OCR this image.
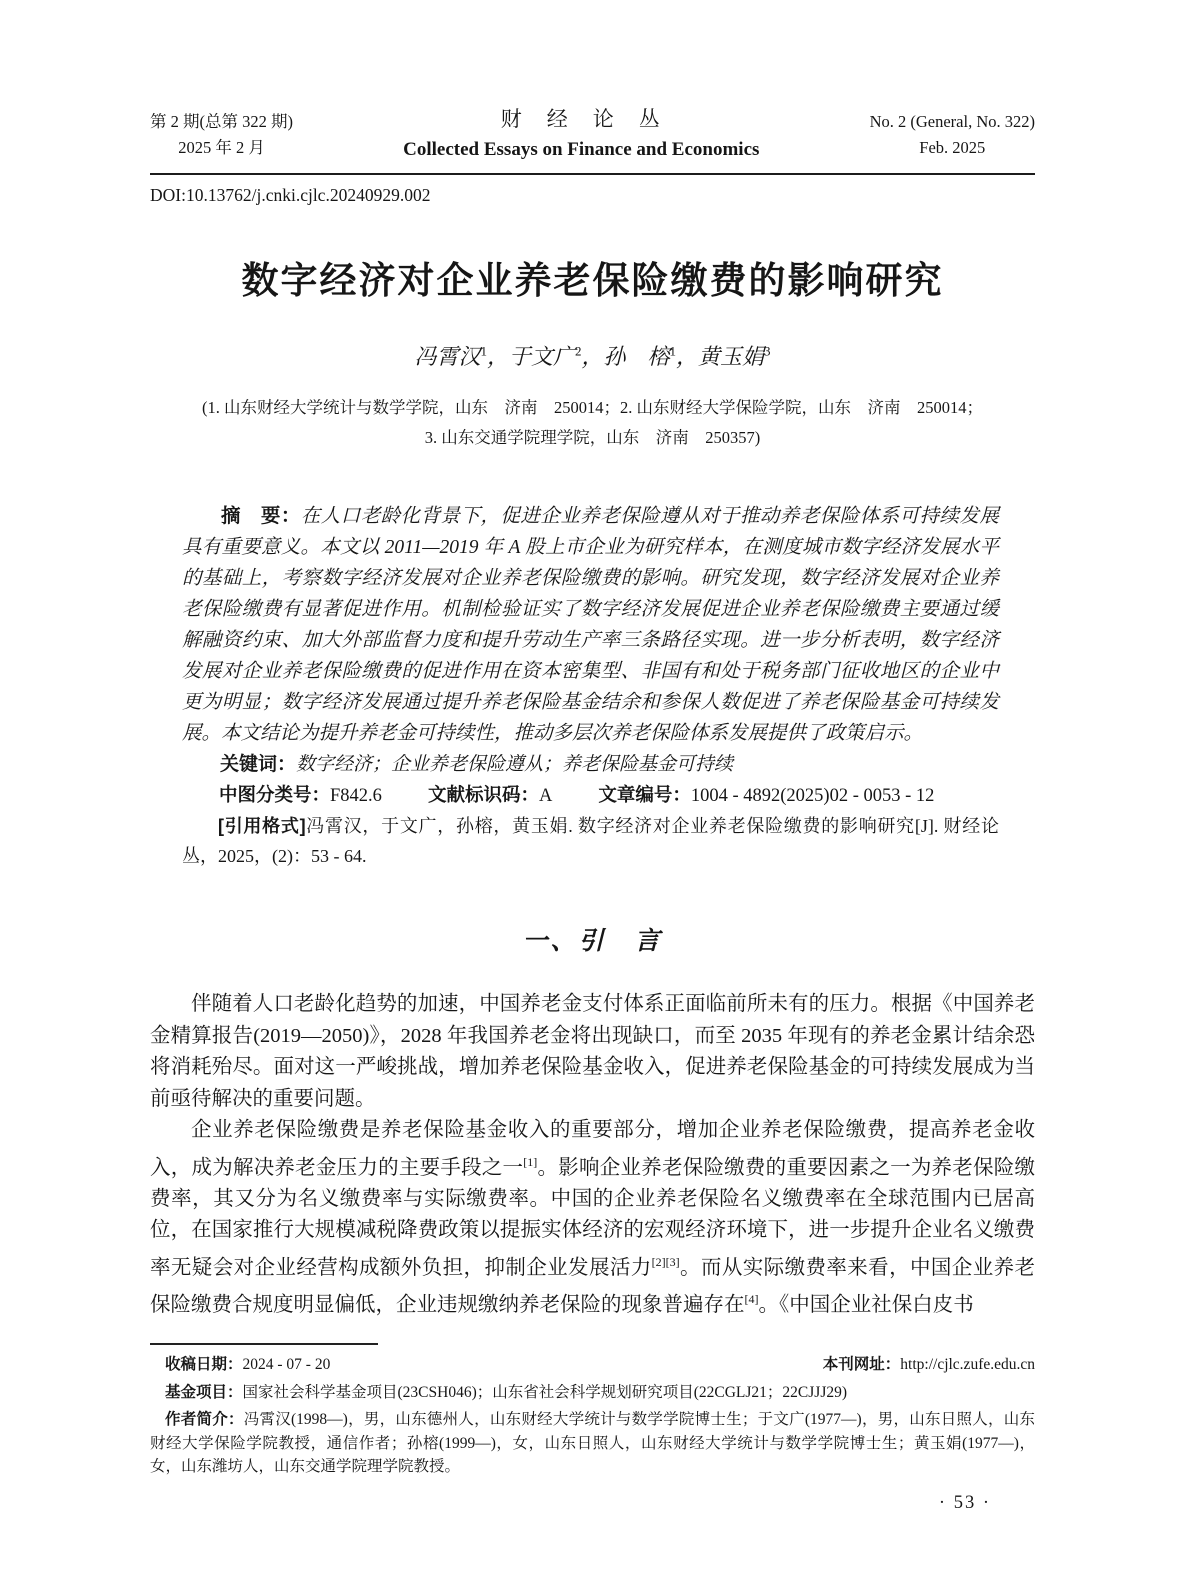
第 2 期(总第 322 期)
2025 年 2 月
财　经　论　丛
Collected Essays on Finance and Economics
No. 2 (General, No. 322)
Feb. 2025
DOI:10.13762/j.cnki.cjlc.20240929.002
数字经济对企业养老保险缴费的影响研究
冯霄汉$^1$，于文广$^2$，孙　榕$^1$，黄玉娟$^3$
(1. 山东财经大学统计与数学学院，山东　济南　250014；2. 山东财经大学保险学院，山东　济南　250014；
3. 山东交通学院理学院，山东　济南　250357)

摘　要：在人口老龄化背景下，促进企业养老保险遵从对于推动养老保险体系可持续发展具有重要意义。本文以 2011—2019 年 A 股上市企业为研究样本，在测度城市数字经济发展水平的基础上，考察数字经济发展对企业养老保险缴费的影响。研究发现，数字经济发展对企业养老保险缴费有显著促进作用。机制检验证实了数字经济发展促进企业养老保险缴费主要通过缓解融资约束、加大外部监督力度和提升劳动生产率三条路径实现。进一步分析表明，数字经济发展对企业养老保险缴费的促进作用在资本密集型、非国有和处于税务部门征收地区的企业中更为明显；数字经济发展通过提升养老保险基金结余和参保人数促进了养老保险基金可持续发展。本文结论为提升养老金可持续性，推动多层次养老保险体系发展提供了政策启示。

关键词：数字经济；企业养老保险遵从；养老保险基金可持续

中图分类号：F842.6 文献标识码：A 文章编号：1004 - 4892(2025)02 - 0053 - 12

[引用格式]冯霄汉，于文广，孙榕，黄玉娟. 数字经济对企业养老保险缴费的影响研究[J]. 财经论丛，2025，(2)：53 - 64.

一、引　言

伴随着人口老龄化趋势的加速，中国养老金支付体系正面临前所未有的压力。根据《中国养老金精算报告(2019—2050)》，2028 年我国养老金将出现缺口，而至 2035 年现有的养老金累计结余恐将消耗殆尽。面对这一严峻挑战，增加养老保险基金收入，促进养老保险基金的可持续发展成为当前亟待解决的重要问题。

企业养老保险缴费是养老保险基金收入的重要部分，增加企业养老保险缴费，提高养老金收入，成为解决养老金压力的主要手段之一[1]。影响企业养老保险缴费的重要因素之一为养老保险缴费率，其又分为名义缴费率与实际缴费率。中国的企业养老保险名义缴费率在全球范围内已居高位，在国家推行大规模减税降费政策以提振实体经济的宏观经济环境下，进一步提升企业名义缴费率无疑会对企业经营构成额外负担，抑制企业发展活力[2][3]。而从实际缴费率来看，中国企业养老保险缴费合规度明显偏低，企业违规缴纳养老保险的现象普遍存在[4]。《中国企业社保白皮书

收稿日期：2024 - 07 - 20	本刊网址：http://cjlc.zufe.edu.cn

基金项目：国家社会科学基金项目(23CSH046)；山东省社会科学规划研究项目(22CGLJ21；22CJJJ29)

作者简介：冯霄汉(1998—)，男，山东德州人，山东财经大学统计与数学学院博士生；于文广(1977—)，男，山东日照人，山东财经大学保险学院教授，通信作者；孙榕(1999—)，女，山东日照人，山东财经大学统计与数学学院博士生；黄玉娟(1977—)，女，山东潍坊人，山东交通学院理学院教授。

· 53 ·
